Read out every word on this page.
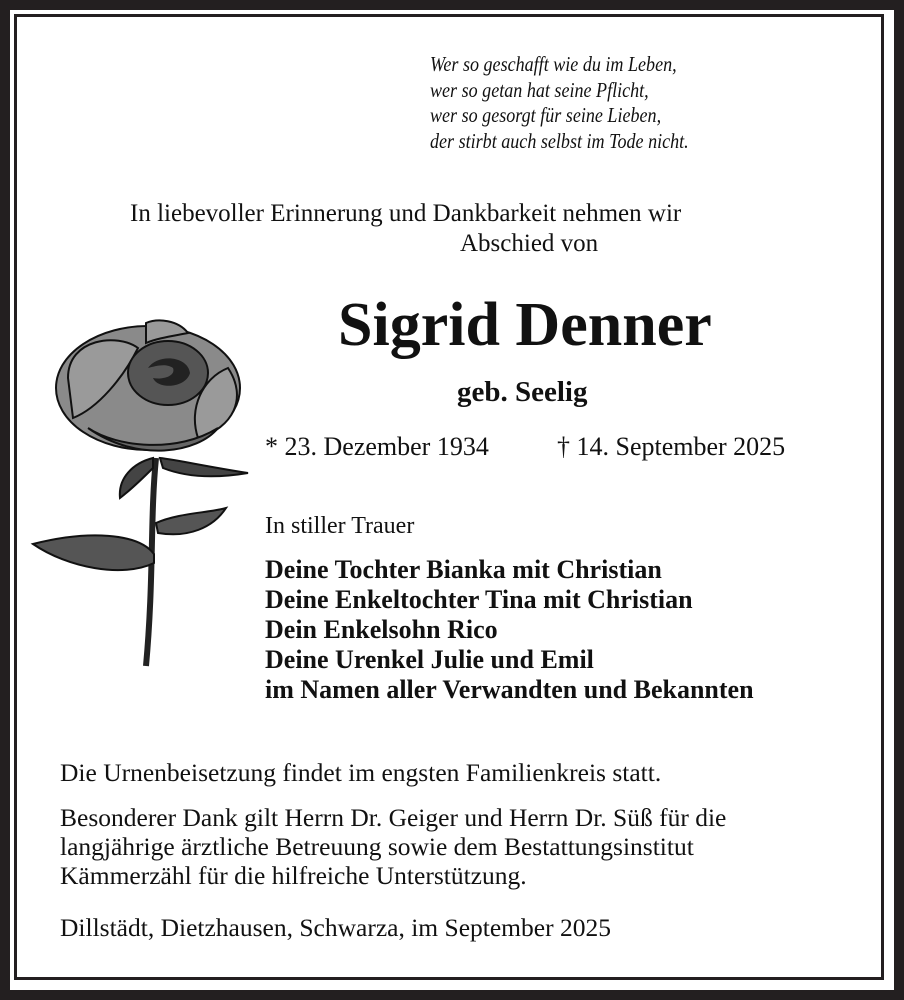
Wer so geschafft wie du im Leben,
wer so getan hat seine Pflicht,
wer so gesorgt für seine Lieben,
der stirbt auch selbst im Tode nicht.
In liebevoller Erinnerung und Dankbarkeit nehmen wir
Abschied von
Sigrid Denner
geb. Seelig
* 23. Dezember 1934	† 14. September 2025
In stiller Trauer
Deine Tochter Bianka mit Christian
Deine Enkeltochter Tina mit Christian
Dein Enkelsohn Rico
Deine Urenkel Julie und Emil
im Namen aller Verwandten und Bekannten
Die Urnenbeisetzung findet im engsten Familienkreis statt.
Besonderer Dank gilt Herrn Dr. Geiger und Herrn Dr. Süß für die
langjährige ärztliche Betreuung sowie dem Bestattungsinstitut
Kämmerzähl für die hilfreiche Unterstützung.
Dillstädt, Dietzhausen, Schwarza, im September 2025
